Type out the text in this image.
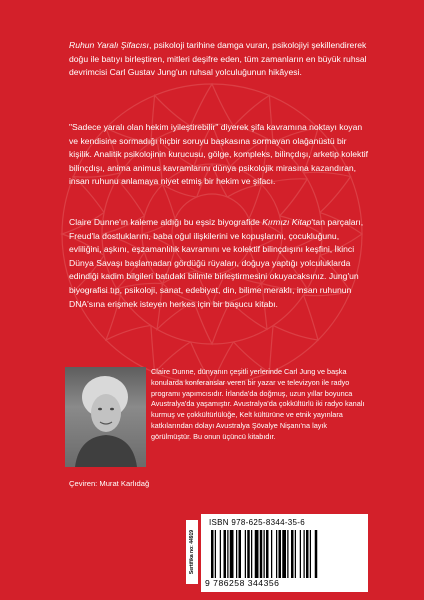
Ruhun Yaralı Şifacısı, psikoloji tarihine damga vuran, psikolojiyi şekillendirerek doğu ile batıyı birleştiren, mitleri deşifre eden, tüm zamanların en büyük ruhsal devrimcisi Carl Gustav Jung'un ruhsal yolculuğunun hikâyesi.

"Sadece yaralı olan hekim iyileştirebilir" diyerek şifa kavramına noktayı koyan ve kendisine sormadığı hiçbir soruyu başkasına sormayan olağanüstü bir kişilik. Analitik psikolojinin kurucusu, gölge, kompleks, bilinçdışı, arketip kolektif bilinçdışı, anima animus kavramlarını dünya psikolojik mirasına kazandıran, insan ruhunu anlamaya niyet etmiş bir hekim ve şifacı.

Claire Dunne'ın kaleme aldığı bu eşsiz biyografide Kırmızı Kitap'tan parçaları, Freud'la dostluklarını, baba oğul ilişkilerini ve kopuşlarını, çocukluğunu, evliliğini, aşkını, eşzamanlılık kavramını ve kolektif bilinçdışını keşfini, İkinci Dünya Savaşı başlamadan gördüğü rüyaları, doğuya yaptığı yolculuklarda edindiği kadim bilgileri batıdaki bilimle birleştirmesini okuyacaksınız. Jung'un biyografisi tıp, psikoloji, sanat, edebiyat, din, bilime meraklı, insan ruhunun DNA'sına erişmek isteyen herkes için bir başucu kitabı.

Claire Dunne, dünyanın çeşitli yerlerinde Carl Jung ve başka konularda konferanslar veren bir yazar ve televizyon ile radyo programı yapımcısıdır. İrlanda'da doğmuş, uzun yıllar boyunca Avustralya'da yaşamıştır. Avustralya'da çokkültürlü iki radyo kanalı kurmuş ve çokkültürlülüğe, Kelt kültürüne ve etnik yayınlara katkılarından dolayı Avustralya Şövalye Nişanı'na layık görülmüştür. Bu onun üçüncü kitabıdır.

Çeviren: Murat Karlıdağ

Sertifika no: 44919
ISBN 978-625-8344-35-6
9 786258 344356
